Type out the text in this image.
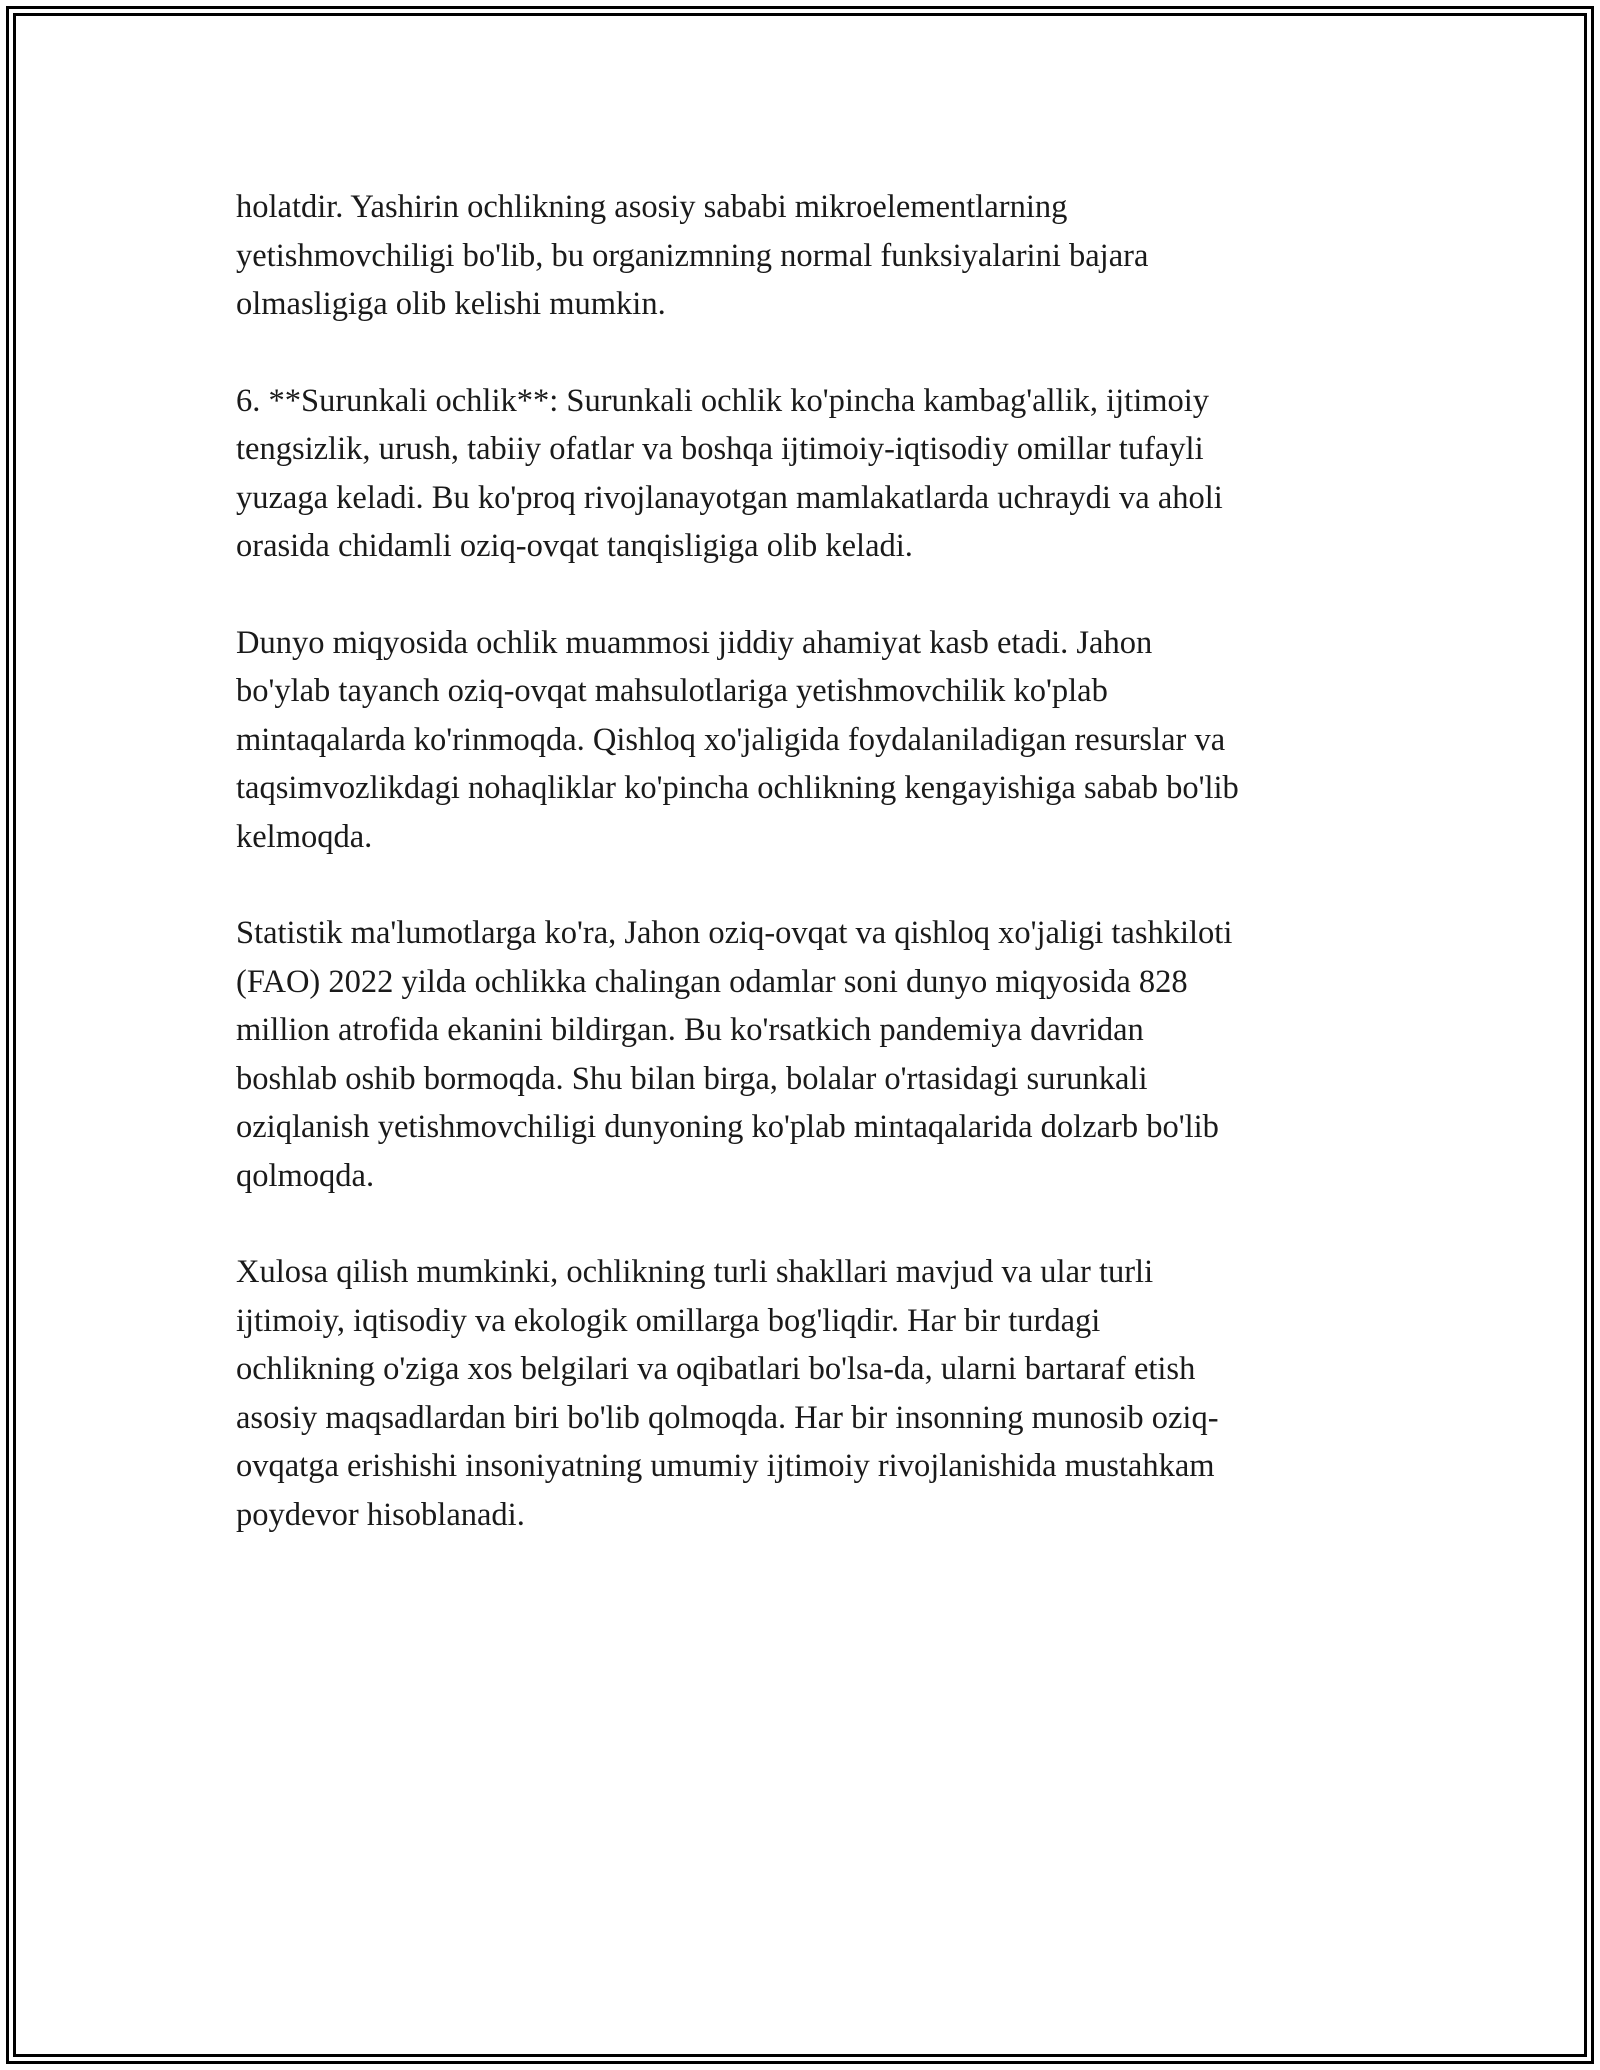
holatdir. Yashirin ochlikning asosiy sababi mikroelementlarning
yetishmovchiligi bo'lib, bu organizmning normal funksiyalarini bajara
olmasligiga olib kelishi mumkin.

6. **Surunkali ochlik**: Surunkali ochlik ko'pincha kambag'allik, ijtimoiy
tengsizlik, urush, tabiiy ofatlar va boshqa ijtimoiy-iqtisodiy omillar tufayli
yuzaga keladi. Bu ko'proq rivojlanayotgan mamlakatlarda uchraydi va aholi
orasida chidamli oziq-ovqat tanqisligiga olib keladi.

Dunyo miqyosida ochlik muammosi jiddiy ahamiyat kasb etadi. Jahon
bo'ylab tayanch oziq-ovqat mahsulotlariga yetishmovchilik ko'plab
mintaqalarda ko'rinmoqda. Qishloq xo'jaligida foydalaniladigan resurslar va
taqsimvozlikdagi nohaqliklar ko'pincha ochlikning kengayishiga sabab bo'lib
kelmoqda.

Statistik ma'lumotlarga ko'ra, Jahon oziq-ovqat va qishloq xo'jaligi tashkiloti
(FAO) 2022 yilda ochlikka chalingan odamlar soni dunyo miqyosida 828
million atrofida ekanini bildirgan. Bu ko'rsatkich pandemiya davridan
boshlab oshib bormoqda. Shu bilan birga, bolalar o'rtasidagi surunkali
oziqlanish yetishmovchiligi dunyoning ko'plab mintaqalarida dolzarb bo'lib
qolmoqda.

Xulosa qilish mumkinki, ochlikning turli shakllari mavjud va ular turli
ijtimoiy, iqtisodiy va ekologik omillarga bog'liqdir. Har bir turdagi
ochlikning o'ziga xos belgilari va oqibatlari bo'lsa-da, ularni bartaraf etish
asosiy maqsadlardan biri bo'lib qolmoqda. Har bir insonning munosib oziq-
ovqatga erishishi insoniyatning umumiy ijtimoiy rivojlanishida mustahkam
poydevor hisoblanadi.
